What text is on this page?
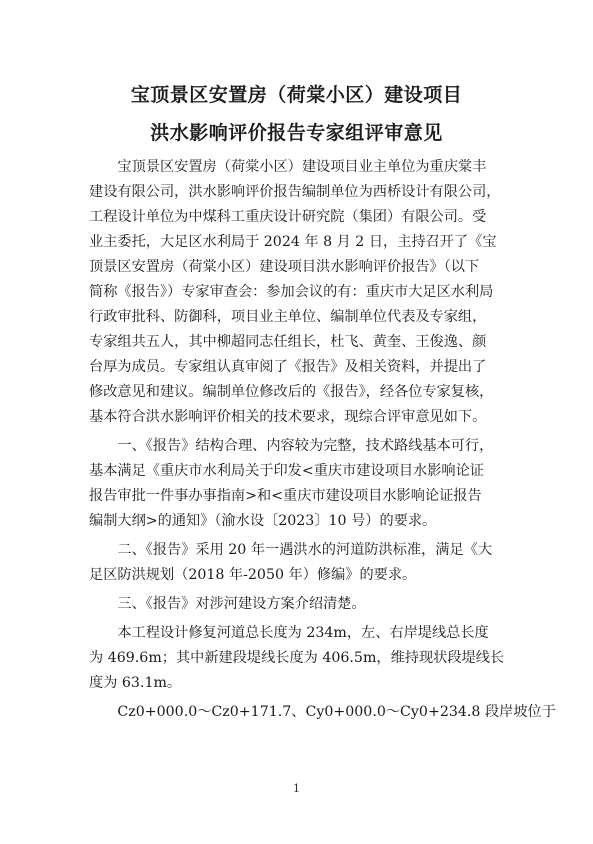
宝顶景区安置房（荷棠小区）建设项目
洪水影响评价报告专家组评审意见
　　宝顶景区安置房（荷棠小区）建设项目业主单位为重庆棠丰
建设有限公司，洪水影响评价报告编制单位为西桥设计有限公司，
工程设计单位为中煤科工重庆设计研究院（集团）有限公司。受
业主委托，大足区水利局于 2024 年 8 月 2 日，主持召开了《宝
顶景区安置房（荷棠小区）建设项目洪水影响评价报告》（以下
简称《报告》）专家审查会：参加会议的有：重庆市大足区水利局
行政审批科、防御科，项目业主单位、编制单位代表及专家组，
专家组共五人，其中柳超同志任组长，杜飞、黄奎、王俊逸、颜
台厚为成员。专家组认真审阅了《报告》及相关资料，并提出了
修改意见和建议。编制单位修改后的《报告》，经各位专家复核，
基本符合洪水影响评价相关的技术要求，现综合评审意见如下。
　　一、《报告》结构合理、内容较为完整，技术路线基本可行，
基本满足《重庆市水利局关于印发<重庆市建设项目水影响论证
报告审批一件事办事指南>和<重庆市建设项目水影响论证报告
编制大纲>的通知》（渝水设〔2023〕10 号）的要求。
　　二、《报告》采用 20 年一遇洪水的河道防洪标准，满足《大
足区防洪规划（2018 年-2050 年）修编》的要求。
　　三、《报告》对涉河建设方案介绍清楚。
　　本工程设计修复河道总长度为 234m，左、右岸堤线总长度
为 469.6m；其中新建段堤线长度为 406.5m，维持现状段堤线长
度为 63.1m。
　　Cz0+000.0～Cz0+171.7、Cy0+000.0～Cy0+234.8 段岸坡位于
1
